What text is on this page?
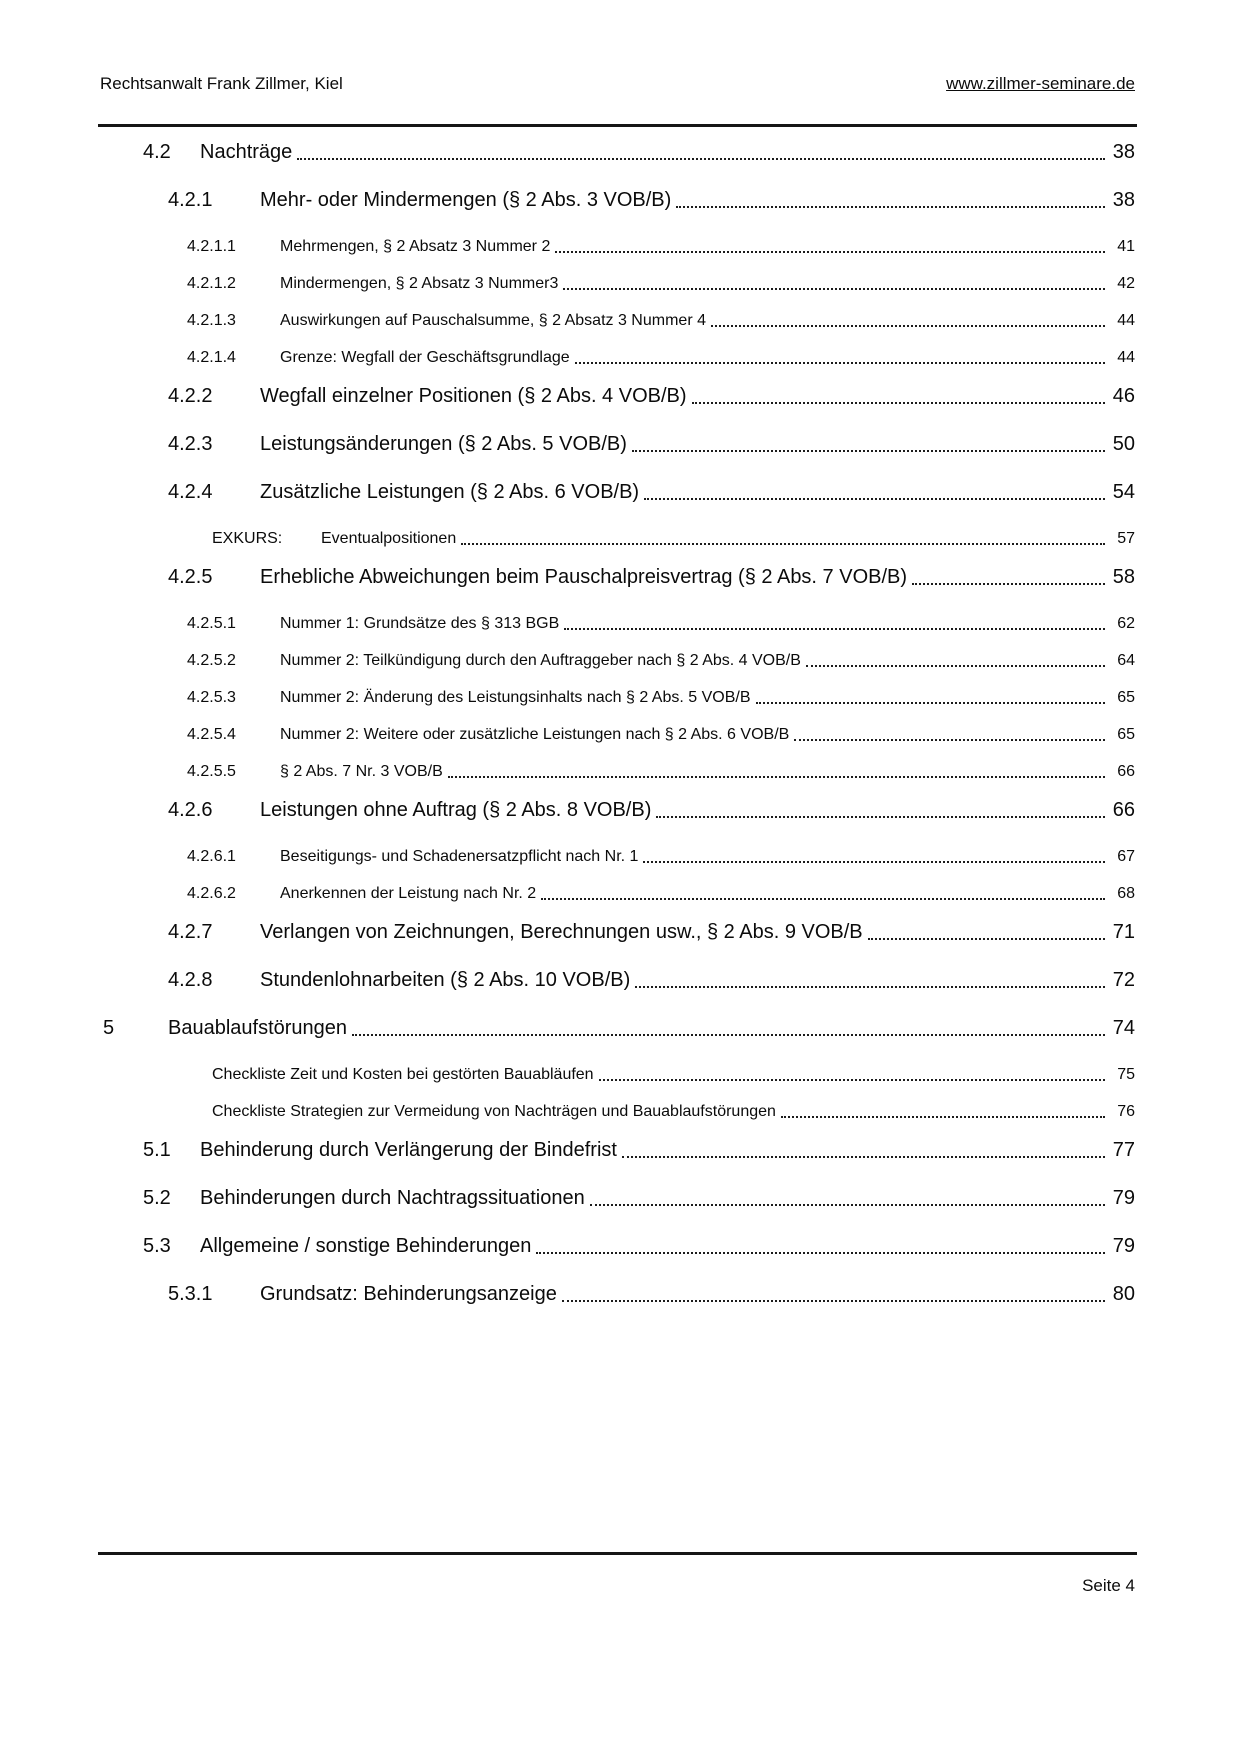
Rechtsanwalt Frank Zillmer, Kiel	www.zillmer-seminare.de
4.2	Nachträge	38
4.2.1	Mehr- oder Mindermengen (§ 2 Abs. 3 VOB/B)	38
4.2.1.1	Mehrmengen, § 2 Absatz 3 Nummer 2	41
4.2.1.2	Mindermengen, § 2 Absatz 3 Nummer3	42
4.2.1.3	Auswirkungen auf Pauschalsumme, § 2 Absatz 3 Nummer 4	44
4.2.1.4	Grenze: Wegfall der Geschäftsgrundlage	44
4.2.2	Wegfall einzelner Positionen (§ 2 Abs. 4 VOB/B)	46
4.2.3	Leistungsänderungen (§ 2 Abs. 5 VOB/B)	50
4.2.4	Zusätzliche Leistungen (§ 2 Abs. 6 VOB/B)	54
EXKURS:	Eventualpositionen	57
4.2.5	Erhebliche Abweichungen beim Pauschalpreisvertrag (§ 2 Abs. 7 VOB/B)	58
4.2.5.1	Nummer 1: Grundsätze des § 313 BGB	62
4.2.5.2	Nummer 2: Teilkündigung durch den Auftraggeber nach § 2 Abs. 4 VOB/B	64
4.2.5.3	Nummer 2: Änderung des Leistungsinhalts nach § 2 Abs. 5 VOB/B	65
4.2.5.4	Nummer 2: Weitere oder zusätzliche Leistungen nach § 2 Abs. 6 VOB/B	65
4.2.5.5	§ 2 Abs. 7 Nr. 3 VOB/B	66
4.2.6	Leistungen ohne Auftrag (§ 2 Abs. 8 VOB/B)	66
4.2.6.1	Beseitigungs- und Schadenersatzpflicht nach Nr. 1	67
4.2.6.2	Anerkennen der Leistung nach Nr. 2	68
4.2.7	Verlangen von Zeichnungen, Berechnungen usw., § 2 Abs. 9 VOB/B	71
4.2.8	Stundenlohnarbeiten (§ 2 Abs. 10 VOB/B)	72
5	Bauablaufstörungen	74
Checkliste Zeit und Kosten bei gestörten Bauabläufen	75
Checkliste Strategien zur Vermeidung von Nachträgen und Bauablaufstörungen	76
5.1	Behinderung durch Verlängerung der Bindefrist	77
5.2	Behinderungen durch Nachtragssituationen	79
5.3	Allgemeine / sonstige Behinderungen	79
5.3.1	Grundsatz: Behinderungsanzeige	80
Seite 4
